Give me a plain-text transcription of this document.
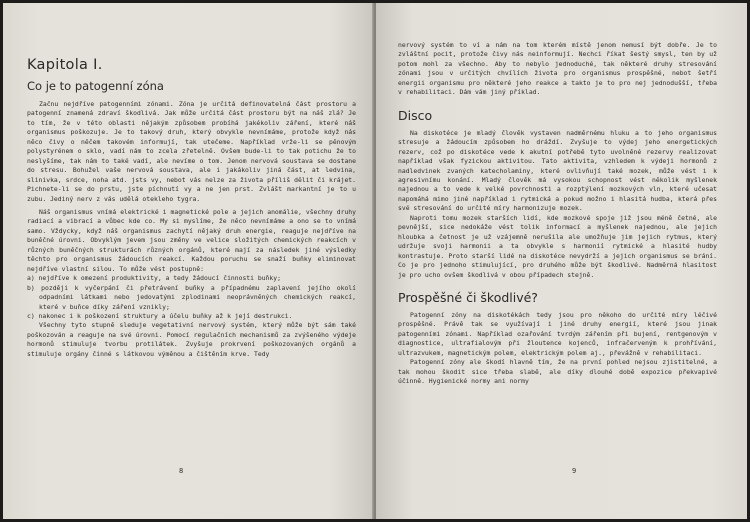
Kapitola I.
Co je to patogenní zóna

Začnu nejdříve patogenními zónami. Zóna je určitá definovatelná část prostoru a patogenní znamená zdraví škodlivá. Jak může určitá část prostoru být na náš zlá? Je to tím, že v této oblasti nějakým způsobem probíhá jakékoliv záření, které náš organismus poškozuje. Je to takový druh, který obvykle nevnímáme, protože když nás něco čivy o něčem takovém informují, tak utečeme. Například vrže-li se pěnovým polystyrénem o sklo, vadí nám to zcela zřetelně. Ovšem bude-li to tak potichu že to neslyšíme, tak nám to také vadí, ale nevíme o tom. Jenom nervová soustava se dostane do stresu. Bohužel vaše nervová soustava, ale i jakákoliv jiná část, at ledvina, slinivka, srdce, noha atd. jsts vy, nebot vás nelze za života příliš dělit či krájet. Pichnete-li se do prstu, jste píchnutí vy a ne jen prst. Zvlášt markantní je to u zubu. Jediný nerv z vás udělá otekleho tygra.

Náš organismus vnímá elektrické i magnetické pole a jejich anomálie, všechny druhy radiací a vibrací a vůbec kde co. My si myslíme, že něco nevnímáme a ono se to vnímá samo. Vždycky, když náš organismus zachytí nějaký druh energie, reaguje nejdříve na buněčné úrovni. Obvyklým jevem jsou změny ve velice složitých chemických reakcích v různých buněčných strukturách různých orgánů, které mají za následek jiné výsledky těchto pro organismus žádoucích reakcí. Každou poruchu se snaží buňky eliminovat nejdříve vlastní silou. To může vést postupně:

a) nejdříve k omezení produktivity, a tedy žádoucí činnosti buňky;

b) později k vyčerpání či přetrávení buňky a případnému zaplavení jejího okolí odpadními látkami nebo jedovatými zplodinami neoprávněných chemických reakcí, které v buňce díky záření vznikly;

c) nakonec i k poškození struktury a účelu buňky až k její destrukci.

Všechny tyto stupně sleduje vegetativní nervový systém, který může být sám také poškozován a reaguje na své úrovni. Pomocí regulačních mechanismů za zvýšeného výdeje hormonů stimuluje tvorbu protilátek. Zvyšuje prokrvení poškozovaných orgánů a stimuluje orgány činné s látkovou výměnou a čištěním krve. Tedy

8

nervový systém to ví a nám na tom kterém místě jenom nemusí být dobře. Je to zvláštní pocit, protože čivy nás neinformují. Nechci říkat šestý smysl, ten by už potom mohl za všechno. Aby to nebylo jednoduché, tak některé druhy stresování zónami jsou v určitých chvílích života pro organismus prospěšné, nebot šetří energii organismu pro některé jeho reakce a takto je to pro nej jednodušší, třeba v rehabilitaci. Dám vám jiný příklad.

Disco

Na diskotéce je mladý člověk vystaven nadměrnému hluku a to jeho organismus stresuje a žádoucím způsobem ho dráždí. Zvyšuje to výdej jeho energetických rezerv, což po diskotéce vede k akutní potřebě tyto uvolněné rezervy realizovat například však fyzickou aktivitou. Tato aktivita, vzhledem k výdeji hormonů z nadledvinek zvaných katecholaminy, které ovlivňují také mozek, může vést i k agresivnímu konání. Mladý člověk má vysokou schopnost vést několik myšlenek najednou a to vede k velké povrchnosti a rozptýlení mozkových vln, které učesat napomáhá mimo jiné například i rytmická a pokud možno i hlasitá hudba, která přes své stresování do určité míry harmonizuje mozek.

Naproti tomu mozek starších lidí, kde mozkové spoje již jsou méně četné, ale pevnější, sice nedokáže vést tolik informací a myšlenek najednou, ale jejich hloubka a četnost je už vzájemně nerušila ale umožňuje jim jejich rytmus, který udržuje svoji harmonii a ta obvykle s harmonií rytmické a hlasité hudby kontrastuje. Proto starší lidé na diskotéce nevydrží a jejich organismus se brání. Co je pro jednoho stimulující, pro druhého může být škodlivé. Nadměrná hlasitost je pro ucho ovšem škodlivá v obou případech stejně.

Prospěšné či škodlivé?

Patogenní zóny na diskotékách tedy jsou pro někoho do určité míry léčivé prospěšné. Právě tak se využívají i jiné druhy energií, které jsou jinak patogenními zónami. Například ozařování tvrdým zářením při bujení, rentgenovým v diagnostice, ultrafialovým při žloutence kojenců, infračerveným k prohřívání, ultrazvukem, magnetickým polem, elektrickým polem aj., převážně v rehabilitaci.

Patogenní zóny ale škodí hlavně tím, že na první pohled nejsou zjistitelné, a tak mohou škodit sice třeba slabě, ale díky dlouhé době expozice překvapivé účinně. Hygienické normy ani normy

9
